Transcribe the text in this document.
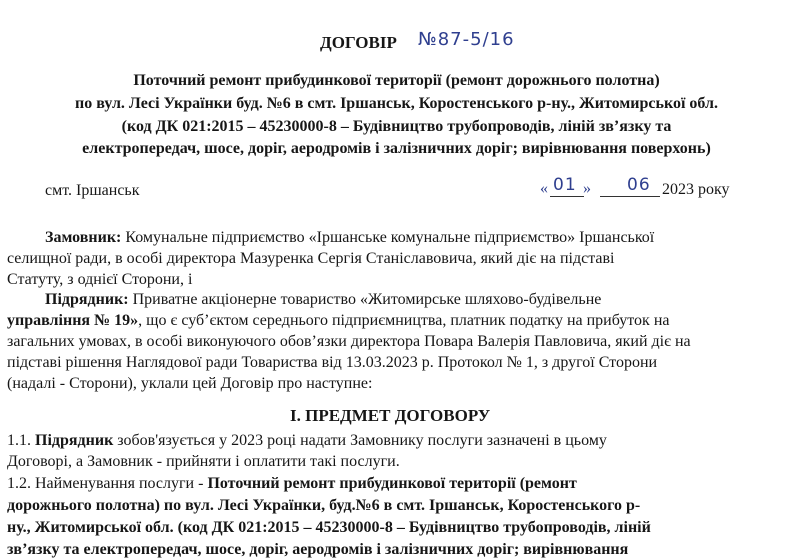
ДОГОВІР №87-5/16
Поточний ремонт прибудинкової території (ремонт дорожнього полотна)
по вул. Лесі Українки буд. №6 в смт. Іршанськ, Коростенського р-ну., Житомирської обл.
(код ДК 021:2015 – 45230000-8 – Будівництво трубопроводів, ліній зв’язку та
електропередач, шосе, доріг, аеродромів і залізничних доріг; вирівнювання поверхонь)
смт. Іршанськ	« 01 » 06 2023 року
Замовник: Комунальне підприємство «Іршанське комунальне підприємство» Іршанської
селищної ради, в особі директора Мазуренка Сергія Станіславовича, який діє на підставі
Статуту, з однієї Сторони, і
Підрядник: Приватне акціонерне товариство «Житомирське шляхово-будівельне
управління № 19», що є суб’єктом середнього підприємництва, платник податку на прибуток на
загальних умовах, в особі виконуючого обов’язки директора Повара Валерія Павловича, який діє на
підставі рішення Наглядової ради Товариства від 13.03.2023 р. Протокол № 1, з другої Сторони
(надалі - Сторони), уклали цей Договір про наступне:
I. ПРЕДМЕТ ДОГОВОРУ
1.1. Підрядник зобов'язується у 2023 році надати Замовнику послуги зазначені в цьому
Договорі, а Замовник - прийняти і оплатити такі послуги.
1.2. Найменування послуги - Поточний ремонт прибудинкової території (ремонт
дорожнього полотна) по вул. Лесі Українки, буд.№6 в смт. Іршанськ, Коростенського р-
ну., Житомирської обл. (код ДК 021:2015 – 45230000-8 – Будівництво трубопроводів, ліній
зв’язку та електропередач, шосе, доріг, аеродромів і залізничних доріг; вирівнювання
